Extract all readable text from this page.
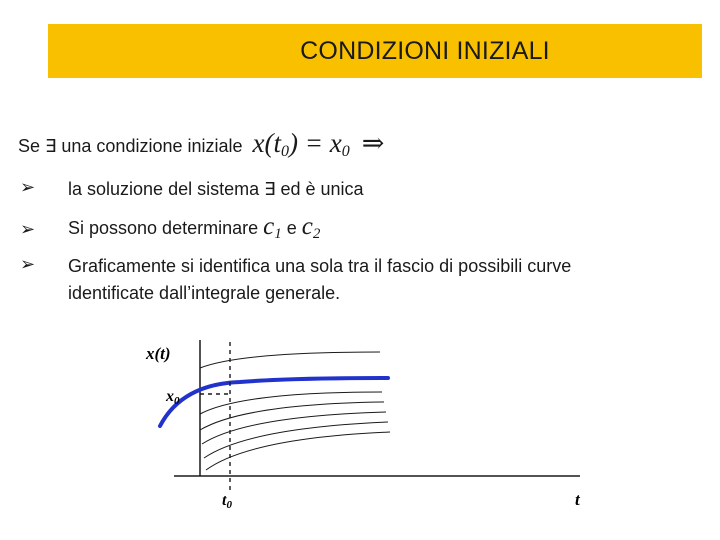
CONDIZIONI INIZIALI
Se ∃ una condizione iniziale $x(t_0) = x_0$ ⇒
➢ la soluzione del sistema ∃ ed è unica
➢ Si possono determinare $c_1$ e $c_2$
➢ Graficamente si identifica una sola tra il fascio di possibili curve
identificate dall’integrale generale.
x(t)
x0
t0	t
